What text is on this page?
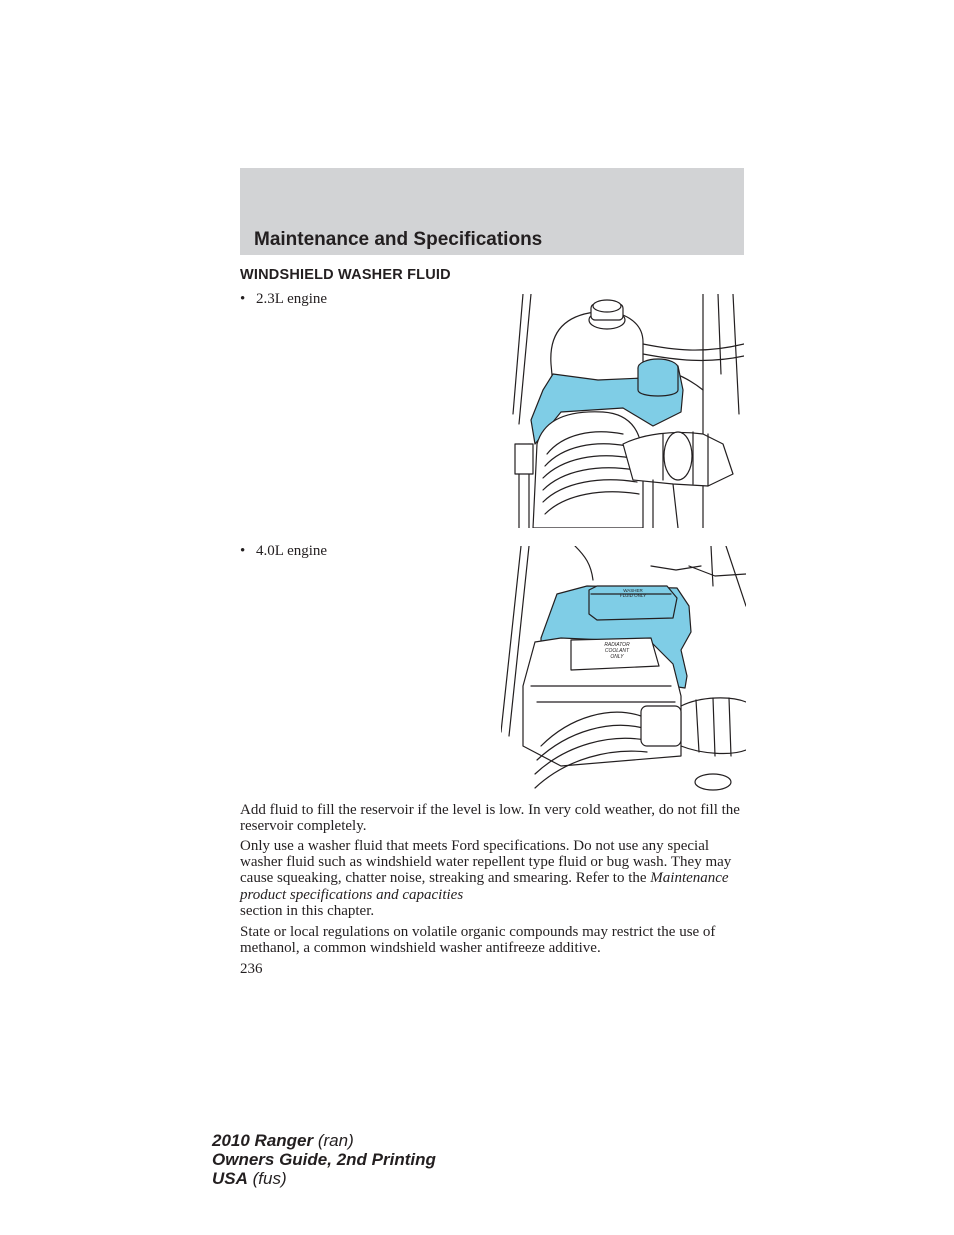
Maintenance and Specifications
WINDSHIELD WASHER FLUID
• 2.3L engine
• 4.0L engine
WASHER FLUID ONLY
RADIATOR
COOLANT
ONLY
Add fluid to fill the reservoir if the level is low. In very cold weather, do not fill the reservoir completely.
Only use a washer fluid that meets Ford specifications. Do not use any special washer fluid such as windshield water repellent type fluid or bug wash. They may cause squeaking, chatter noise, streaking and smearing. Refer to the Maintenance product specifications and capacities
section in this chapter.
State or local regulations on volatile organic compounds may restrict the use of methanol, a common windshield washer antifreeze additive.
236
2010 Ranger (ran)
Owners Guide, 2nd Printing
USA (fus)
